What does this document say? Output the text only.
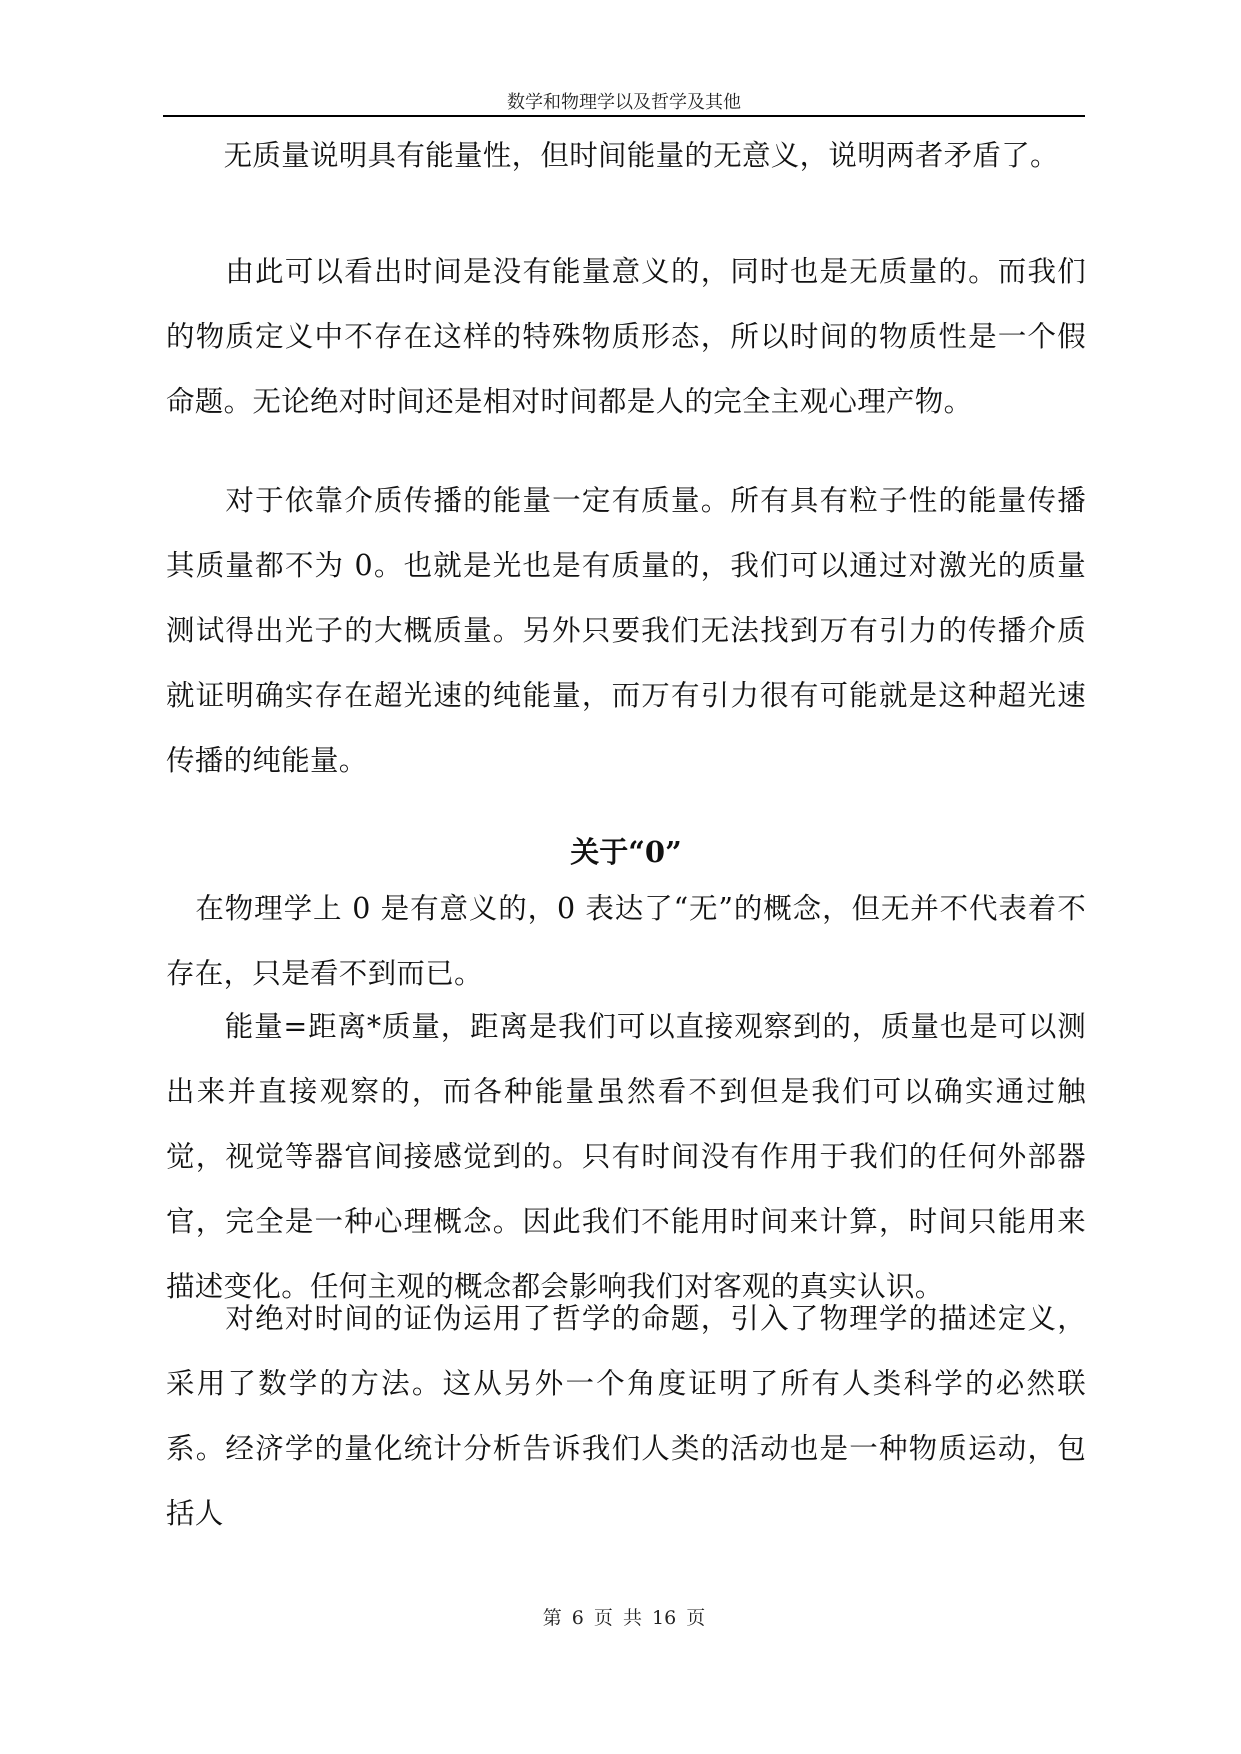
数学和物理学以及哲学及其他

　　无质量说明具有能量性，但时间能量的无意义，说明两者矛盾了。

　　由此可以看出时间是没有能量意义的，同时也是无质量的。而我们的物质定义中不存在这样的特殊物质形态，所以时间的物质性是一个假命题。无论绝对时间还是相对时间都是人的完全主观心理产物。

　　对于依靠介质传播的能量一定有质量。所有具有粒子性的能量传播其质量都不为 0。也就是光也是有质量的，我们可以通过对激光的质量测试得出光子的大概质量。另外只要我们无法找到万有引力的传播介质就证明确实存在超光速的纯能量，而万有引力很有可能就是这种超光速传播的纯能量。

关于“0”

　在物理学上 0 是有意义的，0 表达了“无”的概念，但无并不代表着不存在，只是看不到而已。

　　能量=距离*质量，距离是我们可以直接观察到的，质量也是可以测出来并直接观察的，而各种能量虽然看不到但是我们可以确实通过触觉，视觉等器官间接感觉到的。只有时间没有作用于我们的任何外部器官，完全是一种心理概念。因此我们不能用时间来计算，时间只能用来描述变化。任何主观的概念都会影响我们对客观的真实认识。

　　对绝对时间的证伪运用了哲学的命题，引入了物理学的描述定义，采用了数学的方法。这从另外一个角度证明了所有人类科学的必然联系。经济学的量化统计分析告诉我们人类的活动也是一种物质运动，包括人

第 6 页 共 16 页
